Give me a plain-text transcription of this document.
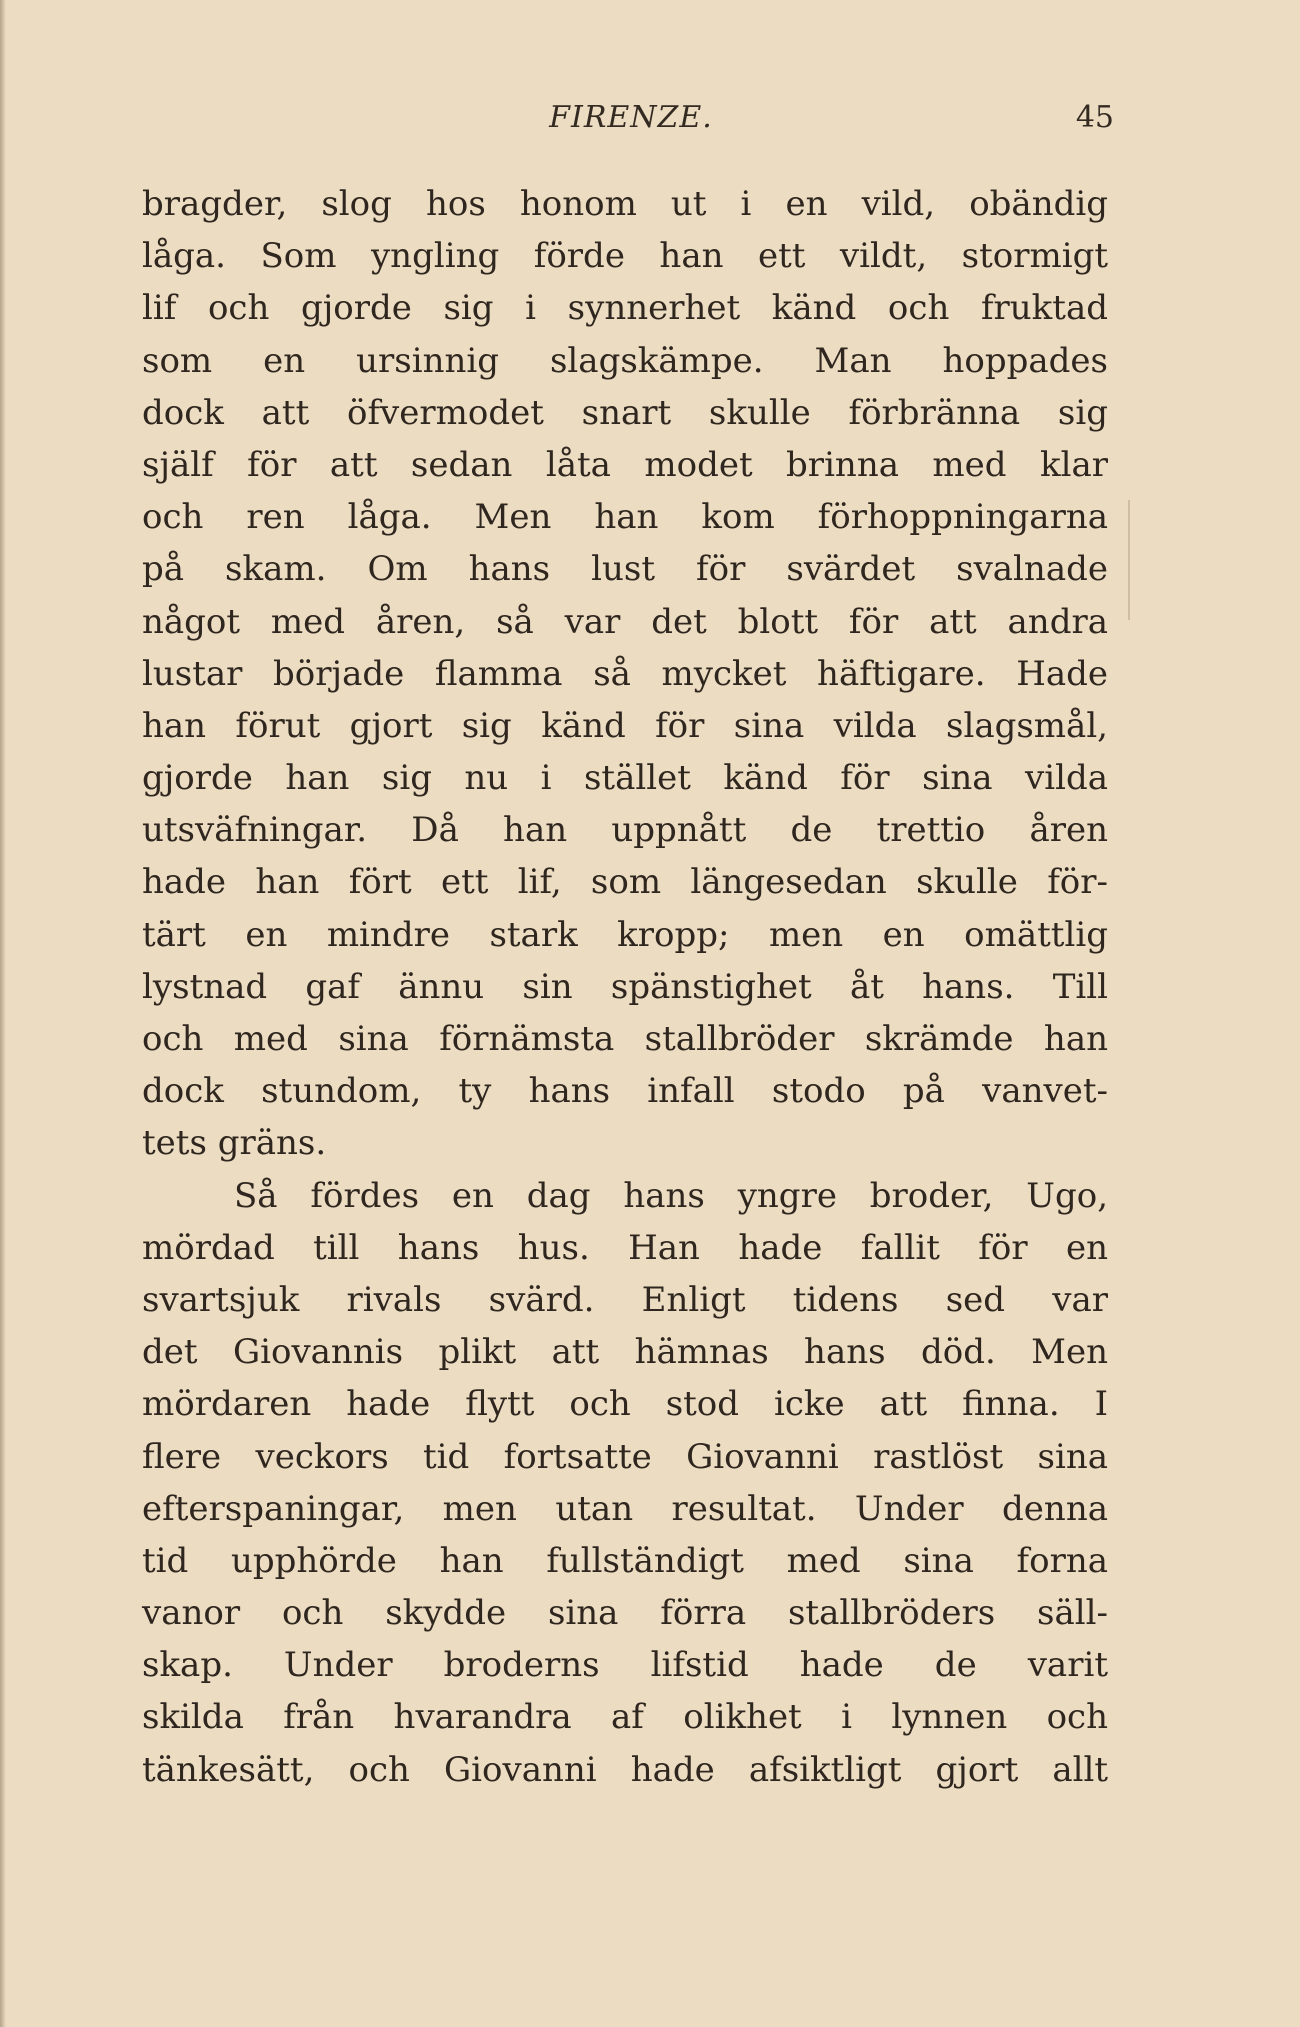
FIRENZE.	45
bragder, slog hos honom ut i en vild, obändig
låga. Som yngling förde han ett vildt, stormigt
lif och gjorde sig i synnerhet känd och fruktad
som en ursinnig slagskämpe. Man hoppades
dock att öfvermodet snart skulle förbränna sig
själf för att sedan låta modet brinna med klar
och ren låga. Men han kom förhoppningarna
på skam. Om hans lust för svärdet svalnade
något med åren, så var det blott för att andra
lustar började flamma så mycket häftigare. Hade
han förut gjort sig känd för sina vilda slagsmål,
gjorde han sig nu i stället känd för sina vilda
utsväfningar. Då han uppnått de trettio åren
hade han fört ett lif, som längesedan skulle för-
tärt en mindre stark kropp; men en omättlig
lystnad gaf ännu sin spänstighet åt hans. Till
och med sina förnämsta stallbröder skrämde han
dock stundom, ty hans infall stodo på vanvet-
tets gräns.
Så fördes en dag hans yngre broder, Ugo,
mördad till hans hus. Han hade fallit för en
svartsjuk rivals svärd. Enligt tidens sed var
det Giovannis plikt att hämnas hans död. Men
mördaren hade flytt och stod icke att finna. I
flere veckors tid fortsatte Giovanni rastlöst sina
efterspaningar, men utan resultat. Under denna
tid upphörde han fullständigt med sina forna
vanor och skydde sina förra stallbröders säll-
skap. Under broderns lifstid hade de varit
skilda från hvarandra af olikhet i lynnen och
tänkesätt, och Giovanni hade afsiktligt gjort allt
